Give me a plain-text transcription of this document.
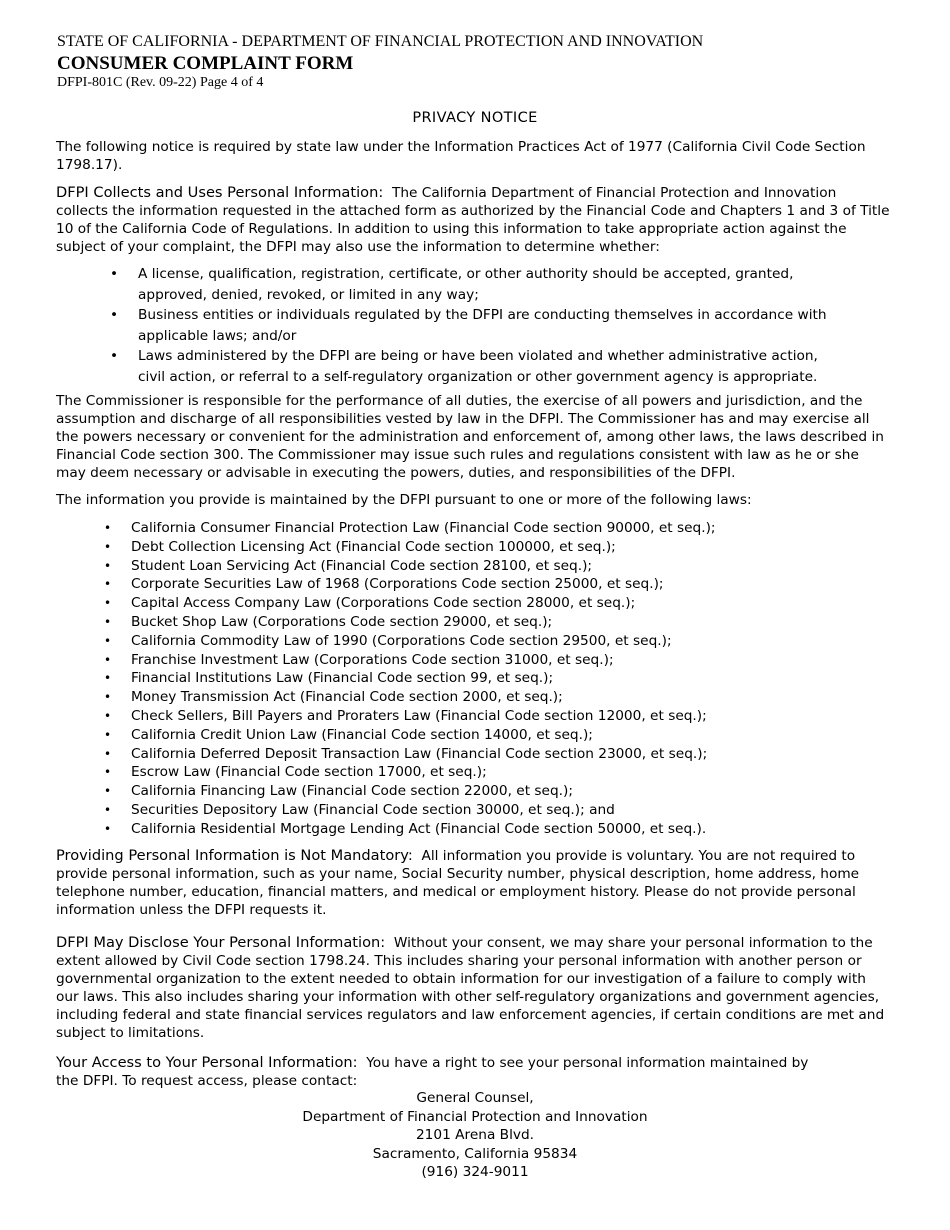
STATE OF CALIFORNIA - DEPARTMENT OF FINANCIAL PROTECTION AND INNOVATION
CONSUMER COMPLAINT FORM
DFPI-801C (Rev. 09-22) Page 4 of 4
PRIVACY NOTICE

The following notice is required by state law under the Information Practices Act of 1977 (California Civil Code Section 1798.17).

DFPI Collects and Uses Personal Information: The California Department of Financial Protection and Innovation collects the information requested in the attached form as authorized by the Financial Code and Chapters 1 and 3 of Title 10 of the California Code of Regulations. In addition to using this information to take appropriate action against the subject of your complaint, the DFPI may also use the information to determine whether:

• A license, qualification, registration, certificate, or other authority should be accepted, granted, approved, denied, revoked, or limited in any way;
• Business entities or individuals regulated by the DFPI are conducting themselves in accordance with applicable laws; and/or
• Laws administered by the DFPI are being or have been violated and whether administrative action, civil action, or referral to a self-regulatory organization or other government agency is appropriate.

The Commissioner is responsible for the performance of all duties, the exercise of all powers and jurisdiction, and the assumption and discharge of all responsibilities vested by law in the DFPI. The Commissioner has and may exercise all the powers necessary or convenient for the administration and enforcement of, among other laws, the laws described in Financial Code section 300. The Commissioner may issue such rules and regulations consistent with law as he or she may deem necessary or advisable in executing the powers, duties, and responsibilities of the DFPI.

The information you provide is maintained by the DFPI pursuant to one or more of the following laws:

• California Consumer Financial Protection Law (Financial Code section 90000, et seq.);
• Debt Collection Licensing Act (Financial Code section 100000, et seq.);
• Student Loan Servicing Act (Financial Code section 28100, et seq.);
• Corporate Securities Law of 1968 (Corporations Code section 25000, et seq.);
• Capital Access Company Law (Corporations Code section 28000, et seq.);
• Bucket Shop Law (Corporations Code section 29000, et seq.);
• California Commodity Law of 1990 (Corporations Code section 29500, et seq.);
• Franchise Investment Law (Corporations Code section 31000, et seq.);
• Financial Institutions Law (Financial Code section 99, et seq.);
• Money Transmission Act (Financial Code section 2000, et seq.);
• Check Sellers, Bill Payers and Proraters Law (Financial Code section 12000, et seq.);
• California Credit Union Law (Financial Code section 14000, et seq.);
• California Deferred Deposit Transaction Law (Financial Code section 23000, et seq.);
• Escrow Law (Financial Code section 17000, et seq.);
• California Financing Law (Financial Code section 22000, et seq.);
• Securities Depository Law (Financial Code section 30000, et seq.); and
• California Residential Mortgage Lending Act (Financial Code section 50000, et seq.).

Providing Personal Information is Not Mandatory: All information you provide is voluntary. You are not required to provide personal information, such as your name, Social Security number, physical description, home address, home telephone number, education, financial matters, and medical or employment history. Please do not provide personal information unless the DFPI requests it.

DFPI May Disclose Your Personal Information: Without your consent, we may share your personal information to the extent allowed by Civil Code section 1798.24. This includes sharing your personal information with another person or governmental organization to the extent needed to obtain information for our investigation of a failure to comply with our laws. This also includes sharing your information with other self-regulatory organizations and government agencies, including federal and state financial services regulators and law enforcement agencies, if certain conditions are met and subject to limitations.

Your Access to Your Personal Information: You have a right to see your personal information maintained by the DFPI. To request access, please contact:

General Counsel,
Department of Financial Protection and Innovation
2101 Arena Blvd.
Sacramento, California 95834
(916) 324-9011
